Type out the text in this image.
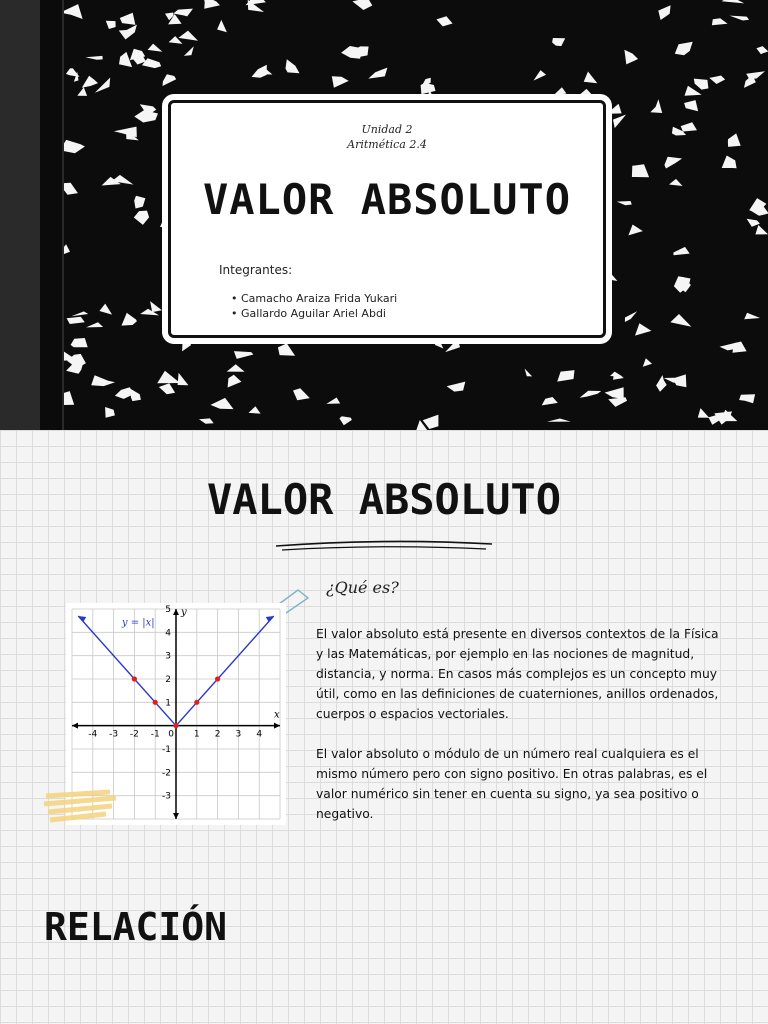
Unidad 2
Aritmética 2.4
VALOR ABSOLUTO
Integrantes:
• Camacho Araiza Frida Yukari
• Gallardo Aguilar Ariel Abdi
VALOR ABSOLUTO
¿Qué es?
-4 -3 -2 -1	1 2 3 4
-3
-2
-1
1
2
3
4
5
0
x
y
y = |x|

El valor absoluto está presente en diversos contextos de la Física y las Matemáticas, por ejemplo en las nociones de magnitud, distancia, y norma. En casos más complejos es un concepto muy útil, como en las definiciones de cuaterniones, anillos ordenados, cuerpos o espacios vectoriales.

El valor absoluto o módulo de un número real cualquiera es el mismo número pero con signo positivo. En otras palabras, es el valor numérico sin tener en cuenta su signo, ya sea positivo o negativo.

RELACIÓN
